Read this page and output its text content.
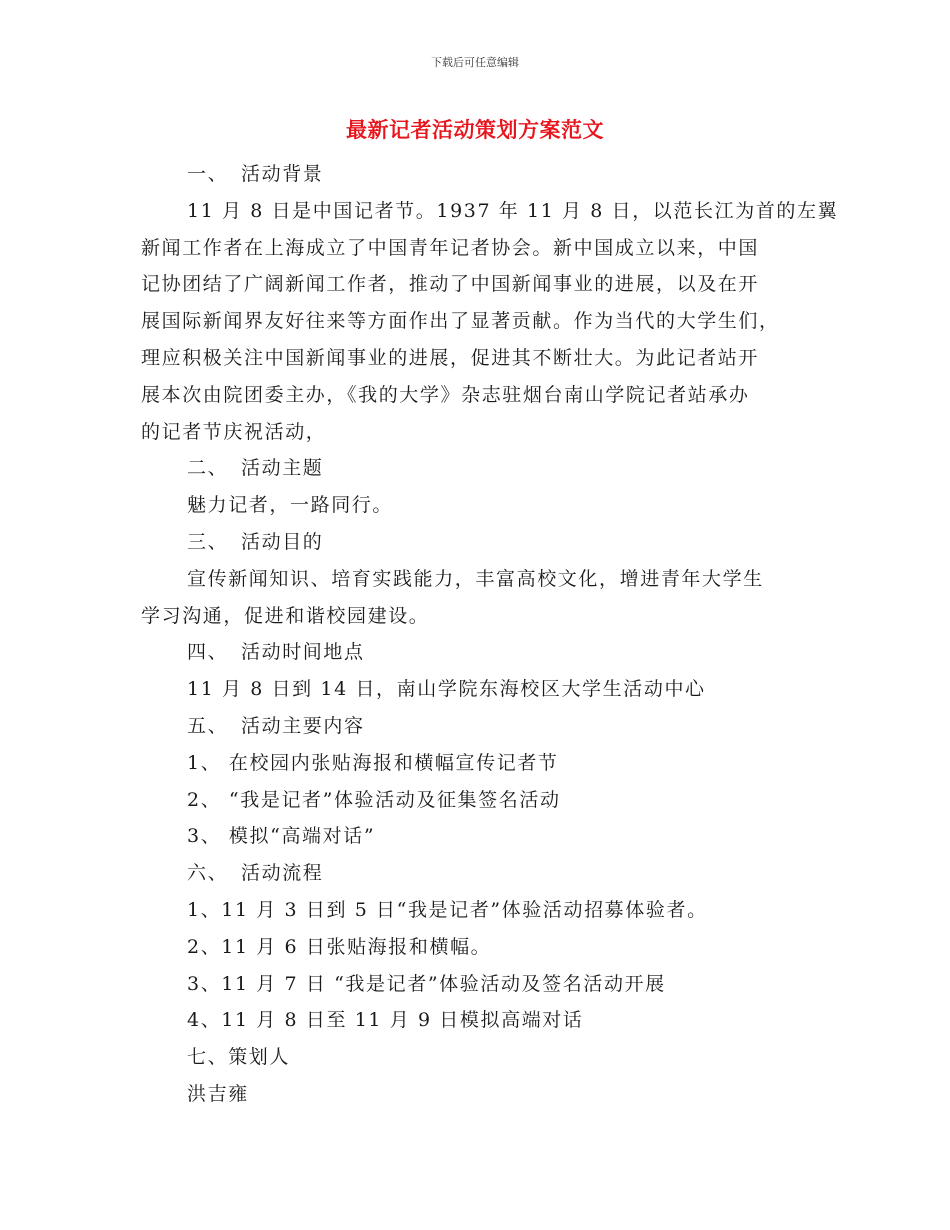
下载后可任意编辑
最新记者活动策划方案范文
一、 活动背景
11 月 8 日是中国记者节。1937 年 11 月 8 日，以范长江为首的左翼
新闻工作者在上海成立了中国青年记者协会。新中国成立以来，中国
记协团结了广阔新闻工作者，推动了中国新闻事业的进展，以及在开
展国际新闻界友好往来等方面作出了显著贡献。作为当代的大学生们，
理应积极关注中国新闻事业的进展，促进其不断壮大。为此记者站开
展本次由院团委主办，《我的大学》杂志驻烟台南山学院记者站承办
的记者节庆祝活动，
二、 活动主题
魅力记者，一路同行。
三、 活动目的
宣传新闻知识、培育实践能力，丰富高校文化，增进青年大学生
学习沟通，促进和谐校园建设。
四、 活动时间地点
11 月 8 日到 14 日，南山学院东海校区大学生活动中心
五、 活动主要内容
1、 在校园内张贴海报和横幅宣传记者节
2、 “我是记者”体验活动及征集签名活动
3、 模拟“高端对话”
六、 活动流程
1、11 月 3 日到 5 日“我是记者”体验活动招募体验者。
2、11 月 6 日张贴海报和横幅。
3、11 月 7 日 “我是记者”体验活动及签名活动开展
4、11 月 8 日至 11 月 9 日模拟高端对话
七、策划人
洪吉雍
